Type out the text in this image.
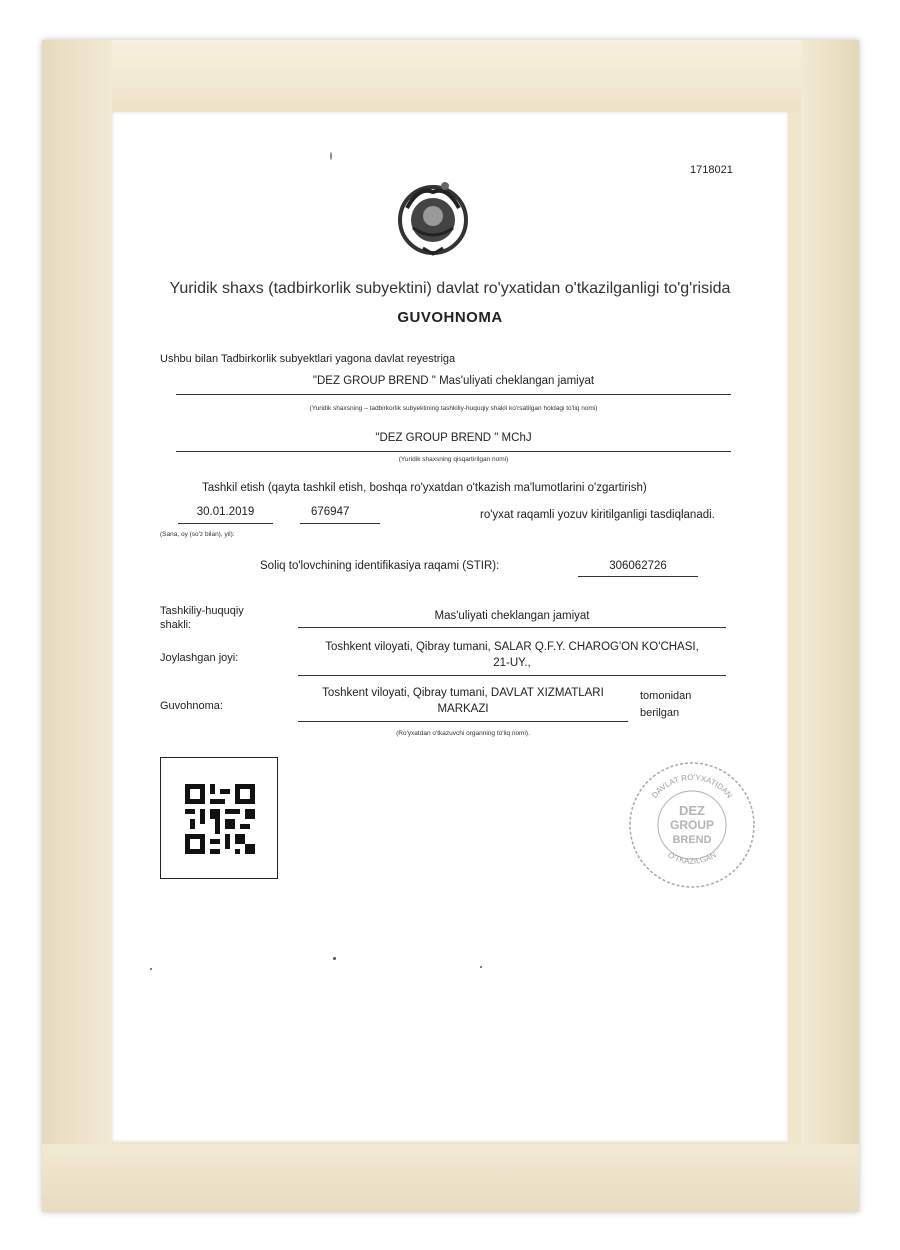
1718021
Yuridik shaxs (tadbirkorlik subyektini) davlat ro'yxatidan o'tkazilganligi to'g'risida
GUVOHNOMA
Ushbu bilan Tadbirkorlik subyektlari yagona davlat reyestriga
"DEZ GROUP BREND " Mas'uliyati cheklangan jamiyat
(Yuridik shaxsning – tadbirkorlik subyektining tashkiliy-huquqiy shakli ko'rsatilgan holdagi to'liq nomi)
"DEZ GROUP BREND " MChJ
(Yuridik shaxsning qisqartirilgan nomi)
Tashkil etish (qayta tashkil etish, boshqa ro'yxatdan o'tkazish ma'lumotlarini o'zgartirish)
30.01.2019	676947	ro'yxat raqamli yozuv kiritilganligi tasdiqlanadi.
(Sana, oy (so'z bilan), yil):
Soliq to'lovchining identifikasiya raqami (STIR):	306062726
Tashkiliy-huquqiy
shakli:
Mas'uliyati cheklangan jamiyat
Joylashgan joyi:
Toshkent viloyati, Qibray tumani, SALAR Q.F.Y. CHAROG'ON KO'CHASI,
21-UY.,
Guvohnoma:
Toshkent viloyati, Qibray tumani, DAVLAT XIZMATLARI
MARKAZI
tomonidan
berilgan
(Ro'yxatdan o'tkazuvchi organning to'liq nomi).
DAVLAT RO'YXATIDAN
O'TKAZILGAN
DEZ
GROUP
BREND
